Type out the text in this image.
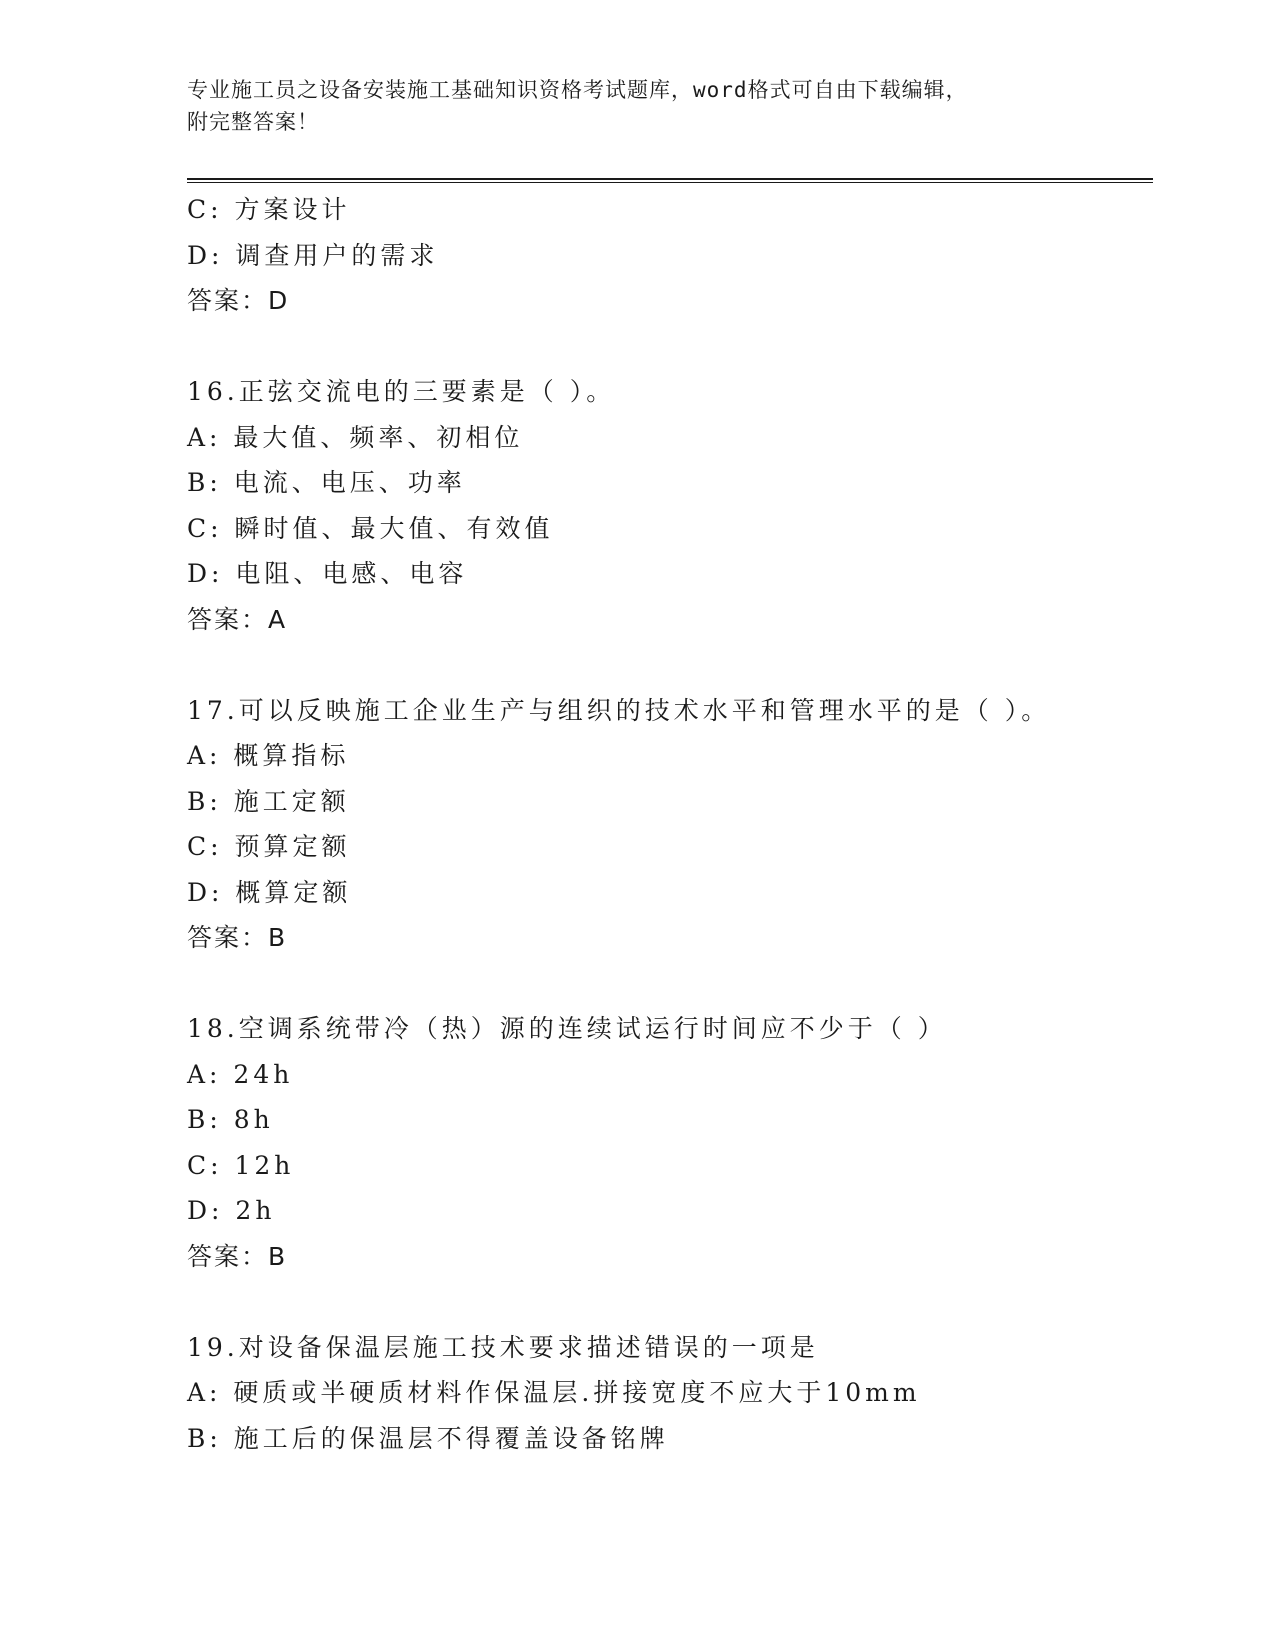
专业施工员之设备安装施工基础知识资格考试题库，word格式可自由下载编辑，
附完整答案！
C: 方案设计
D: 调查用户的需求
答案：D
16.正弦交流电的三要素是（ ）。
A: 最大值、频率、初相位
B: 电流、电压、功率
C: 瞬时值、最大值、有效值
D: 电阻、电感、电容
答案：A
17.可以反映施工企业生产与组织的技术水平和管理水平的是（ ）。
A: 概算指标
B: 施工定额
C: 预算定额
D: 概算定额
答案：B
18.空调系统带冷（热）源的连续试运行时间应不少于（ ）
A: 24h
B: 8h
C: 12h
D: 2h
答案：B
19.对设备保温层施工技术要求描述错误的一项是
A: 硬质或半硬质材料作保温层.拼接宽度不应大于10mm
B: 施工后的保温层不得覆盖设备铭牌
